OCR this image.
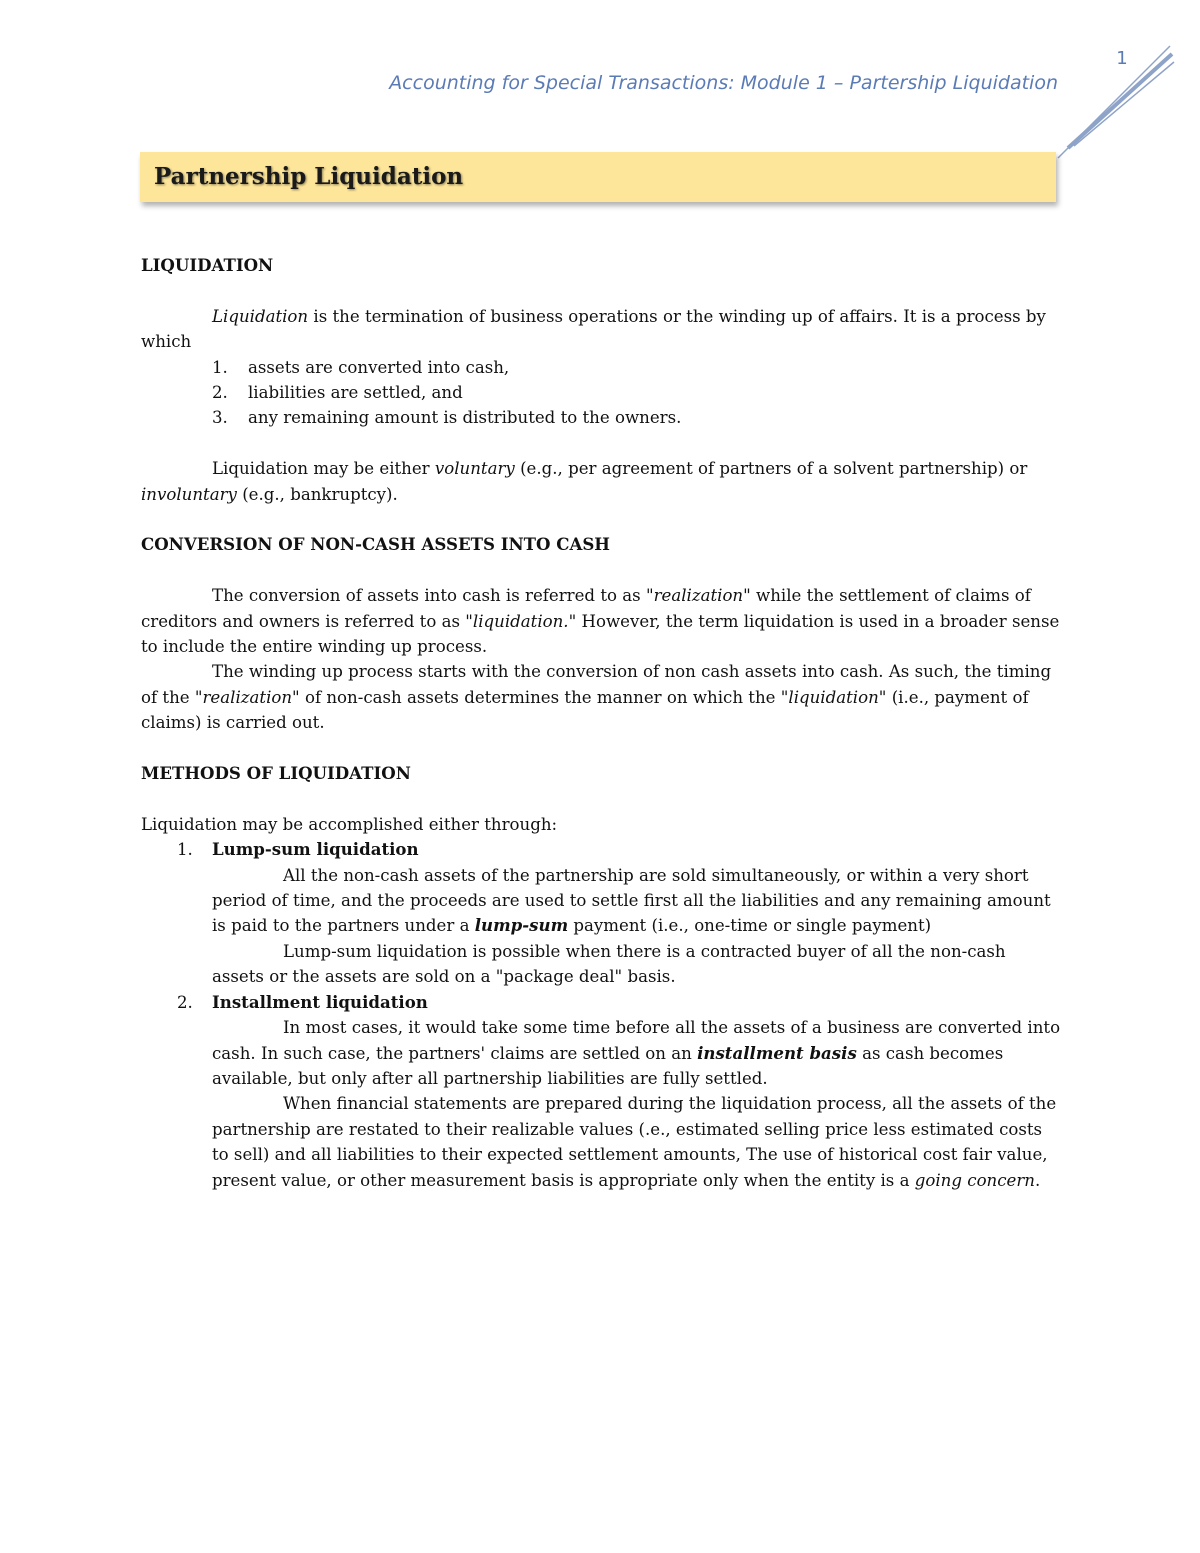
Accounting for Special Transactions: Module 1 – Partership Liquidation
1
Partnership Liquidation

LIQUIDATION

Liquidation is the termination of business operations or the winding up of affairs. It is a process by which

1. assets are converted into cash,
2. liabilities are settled, and
3. any remaining amount is distributed to the owners.

Liquidation may be either voluntary (e.g., per agreement of partners of a solvent partnership) or involuntary (e.g., bankruptcy).

CONVERSION OF NON-CASH ASSETS INTO CASH

The conversion of assets into cash is referred to as "realization" while the settlement of claims of creditors and owners is referred to as "liquidation." However, the term liquidation is used in a broader sense to include the entire winding up process.

The winding up process starts with the conversion of non cash assets into cash. As such, the timing of the "realization" of non-cash assets determines the manner on which the "liquidation" (i.e., payment of claims) is carried out.

METHODS OF LIQUIDATION

Liquidation may be accomplished either through:

1. Lump-sum liquidation

All the non-cash assets of the partnership are sold simultaneously, or within a very short period of time, and the proceeds are used to settle first all the liabilities and any remaining amount is paid to the partners under a lump-sum payment (i.e., one-time or single payment)

Lump-sum liquidation is possible when there is a contracted buyer of all the non-cash assets or the assets are sold on a "package deal" basis.

2. Installment liquidation

In most cases, it would take some time before all the assets of a business are converted into cash. In such case, the partners' claims are settled on an installment basis as cash becomes available, but only after all partnership liabilities are fully settled.

When financial statements are prepared during the liquidation process, all the assets of the partnership are restated to their realizable values (.e., estimated selling price less estimated costs to sell) and all liabilities to their expected settlement amounts, The use of historical cost fair value, present value, or other measurement basis is appropriate only when the entity is a going concern.
